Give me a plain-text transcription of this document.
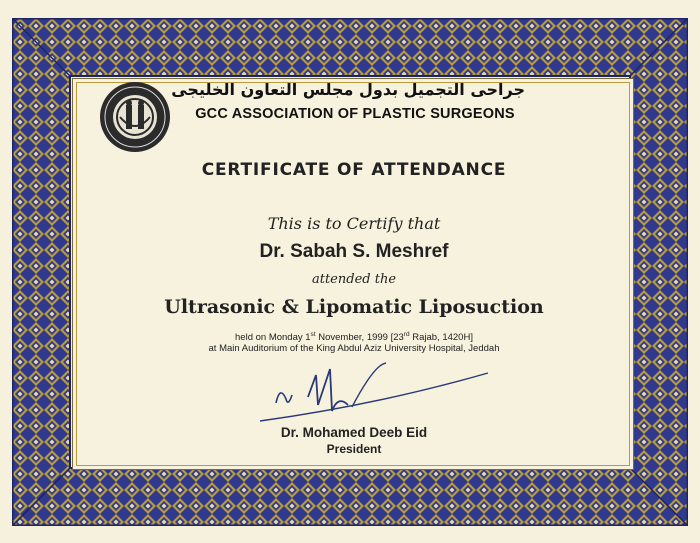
جراحى التجميل بدول مجلس التعاون الخليجى
GCC ASSOCIATION OF PLASTIC SURGEONS
CERTIFICATE OF ATTENDANCE
This is to Certify that
Dr. Sabah S. Meshref
attended the
Ultrasonic & Lipomatic Liposuction
held on Monday 1st November, 1999 [23rd Rajab, 1420H]
at Main Auditorium of the King Abdul Aziz University Hospital, Jeddah
Dr. Mohamed Deeb Eid
President
